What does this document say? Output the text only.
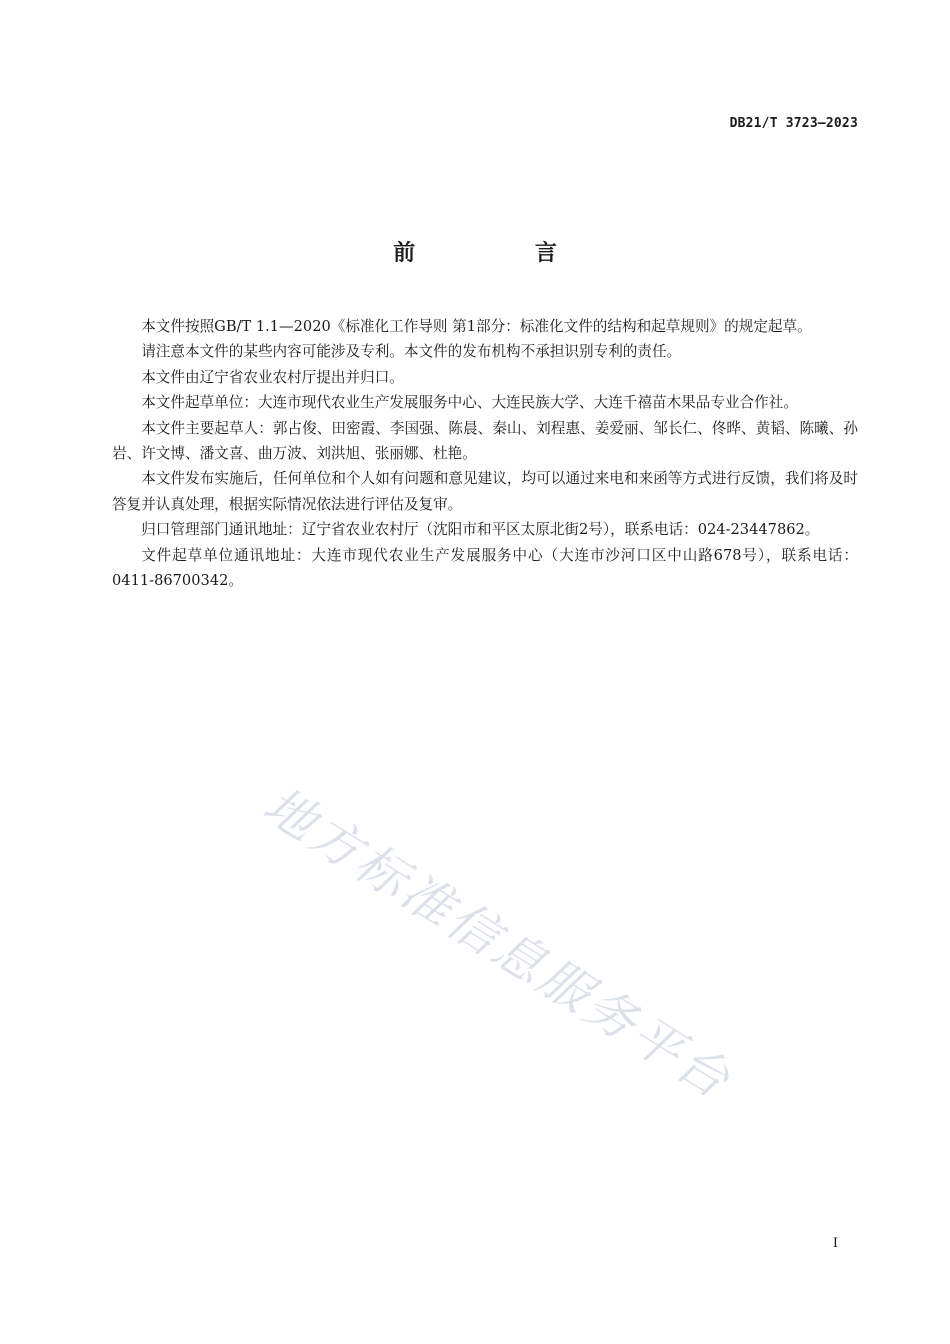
DB21/T 3723—2023
前 言

本文件按照GB/T 1.1—2020《标准化工作导则 第1部分：标准化文件的结构和起草规则》的规定起草。

请注意本文件的某些内容可能涉及专利。本文件的发布机构不承担识别专利的责任。

本文件由辽宁省农业农村厅提出并归口。

本文件起草单位：大连市现代农业生产发展服务中心、大连民族大学、大连千禧苗木果品专业合作社。

本文件主要起草人：郭占俊、田密霞、李国强、陈晨、秦山、刘程惠、姜爱丽、邹长仁、佟晔、黄韬、陈曦、孙岩、许文博、潘文喜、曲万波、刘洪旭、张丽娜、杜艳。

本文件发布实施后，任何单位和个人如有问题和意见建议，均可以通过来电和来函等方式进行反馈，我们将及时答复并认真处理，根据实际情况依法进行评估及复审。

归口管理部门通讯地址：辽宁省农业农村厅（沈阳市和平区太原北街2号），联系电话：024-23447862。

文件起草单位通讯地址：大连市现代农业生产发展服务中心（大连市沙河口区中山路678号），联系电话：0411-86700342。

地方标准信息服务平台
I
